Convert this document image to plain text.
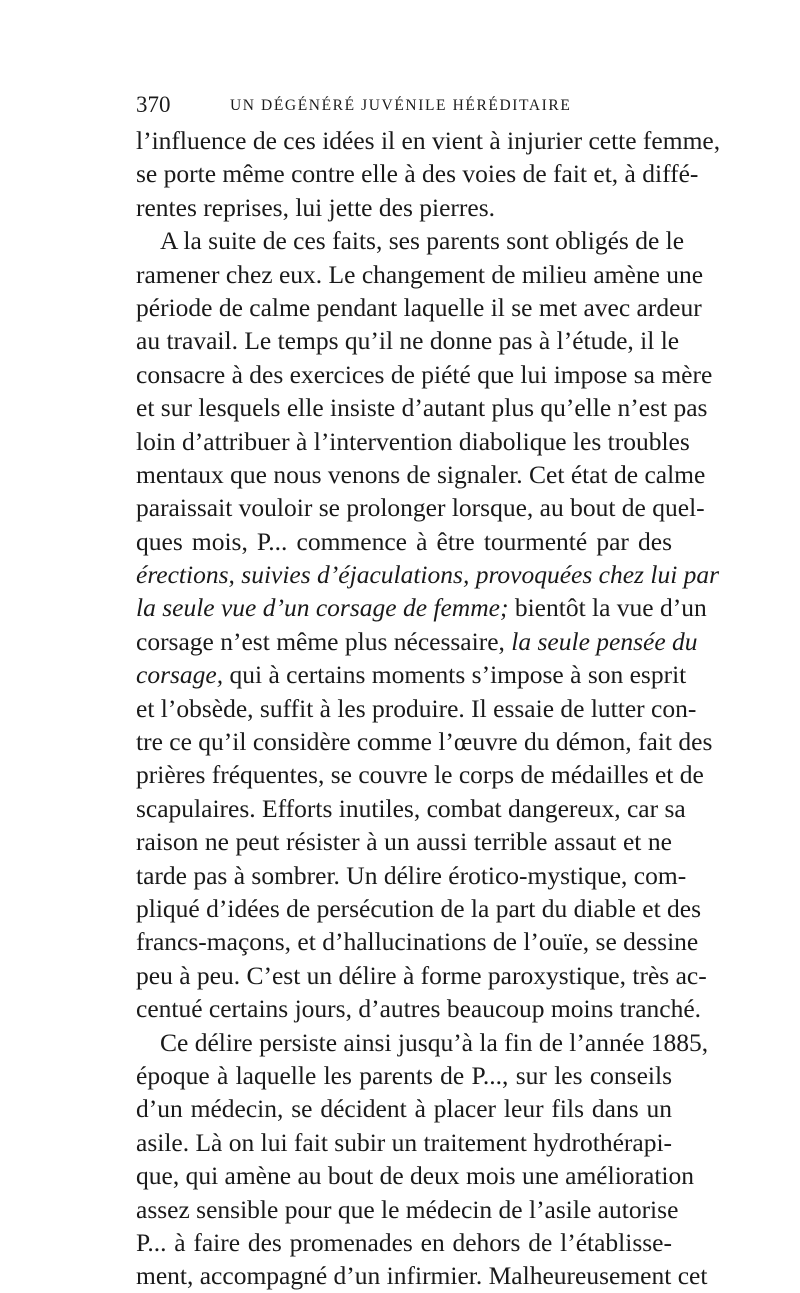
370	UN DÉGÉNÉRÉ JUVÉNILE HÉRÉDITAIRE
l’influence de ces idées il en vient à injurier cette femme,
se porte même contre elle à des voies de fait et, à diffé-
rentes reprises, lui jette des pierres.
A la suite de ces faits, ses parents sont obligés de le
ramener chez eux. Le changement de milieu amène une
période de calme pendant laquelle il se met avec ardeur
au travail. Le temps qu’il ne donne pas à l’étude, il le
consacre à des exercices de piété que lui impose sa mère
et sur lesquels elle insiste d’autant plus qu’elle n’est pas
loin d’attribuer à l’intervention diabolique les troubles
mentaux que nous venons de signaler. Cet état de calme
paraissait vouloir se prolonger lorsque, au bout de quel-
ques mois, P... commence à être tourmenté par des
érections, suivies d’éjaculations, provoquées chez lui par
la seule vue d’un corsage de femme; bientôt la vue d’un
corsage n’est même plus nécessaire, la seule pensée du
corsage, qui à certains moments s’impose à son esprit
et l’obsède, suffit à les produire. Il essaie de lutter con-
tre ce qu’il considère comme l’œuvre du démon, fait des
prières fréquentes, se couvre le corps de médailles et de
scapulaires. Efforts inutiles, combat dangereux, car sa
raison ne peut résister à un aussi terrible assaut et ne
tarde pas à sombrer. Un délire érotico-mystique, com-
pliqué d’idées de persécution de la part du diable et des
francs-maçons, et d’hallucinations de l’ouïe, se dessine
peu à peu. C’est un délire à forme paroxystique, très ac-
centué certains jours, d’autres beaucoup moins tranché.
Ce délire persiste ainsi jusqu’à la fin de l’année 1885,
époque à laquelle les parents de P..., sur les conseils
d’un médecin, se décident à placer leur fils dans un
asile. Là on lui fait subir un traitement hydrothérapi-
que, qui amène au bout de deux mois une amélioration
assez sensible pour que le médecin de l’asile autorise
P... à faire des promenades en dehors de l’établisse-
ment, accompagné d’un infirmier. Malheureusement cet
